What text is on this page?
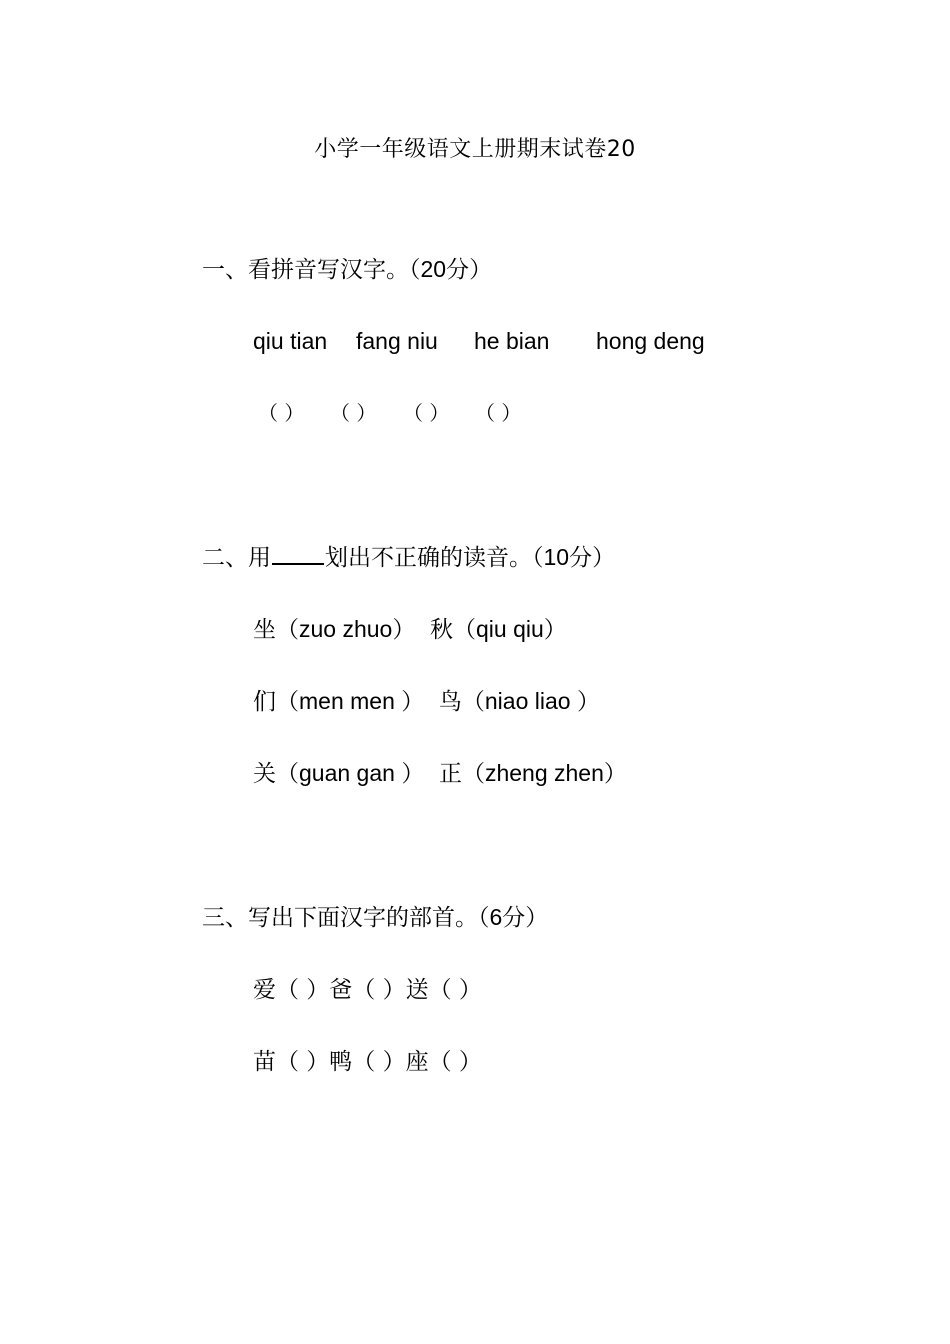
小学一年级语文上册期末试卷20
一、看拼音写汉字。（20分）
qiu tian fang niu he bian hong deng
（ ） （ ） （ ） （ ）
二、用 划出不正确的读音。（10分）
坐（zuo zhuo） 秋（qiu qiu）
们（men men ） 鸟（niao liao ）
关（guan gan ） 正（zheng zhen）
三、写出下面汉字的部首。（6分）
爱（ ）爸（ ）送（ ）
苗（ ）鸭（ ）座（ ）
